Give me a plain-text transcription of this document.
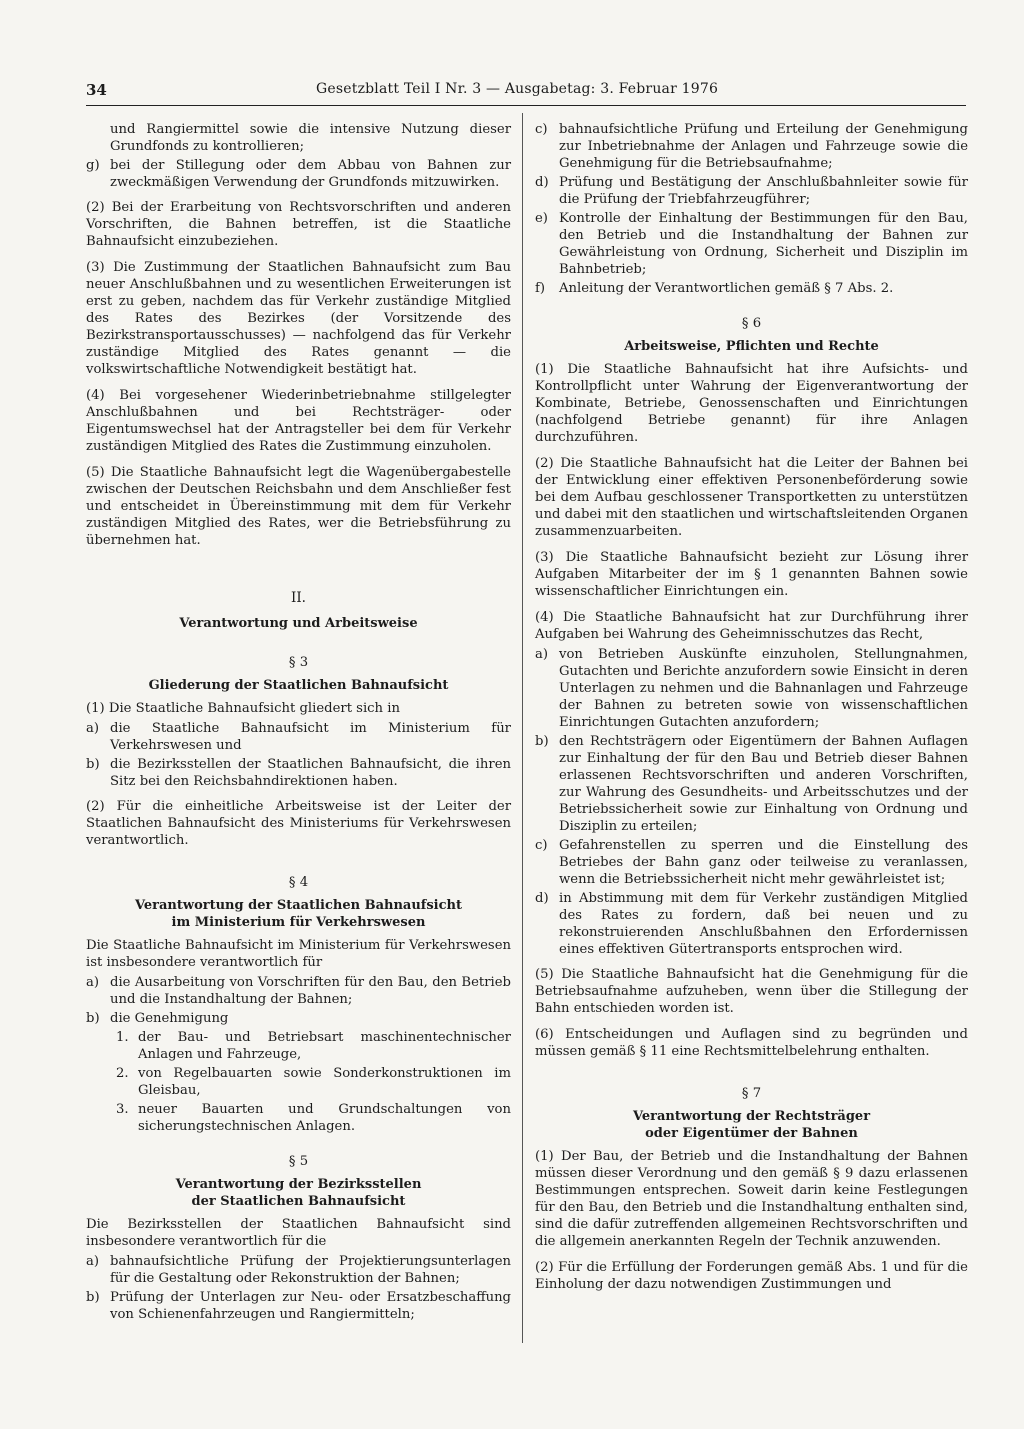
34	Gesetzblatt Teil I Nr. 3 — Ausgabetag: 3. Februar 1976

und Rangiermittel sowie die intensive Nutzung dieser Grundfonds zu kontrollieren;

g) bei der Stillegung oder dem Abbau von Bahnen zur zweckmäßigen Verwendung der Grundfonds mitzuwirken.

(2) Bei der Erarbeitung von Rechtsvorschriften und anderen Vorschriften, die Bahnen betreffen, ist die Staatliche Bahnaufsicht einzubeziehen.

(3) Die Zustimmung der Staatlichen Bahnaufsicht zum Bau neuer Anschlußbahnen und zu wesentlichen Erweiterungen ist erst zu geben, nachdem das für Verkehr zuständige Mitglied des Rates des Bezirkes (der Vorsitzende des Bezirkstransportausschusses) — nachfolgend das für Verkehr zuständige Mitglied des Rates genannt — die volkswirtschaftliche Notwendigkeit bestätigt hat.

(4) Bei vorgesehener Wiederinbetriebnahme stillgelegter Anschlußbahnen und bei Rechtsträger- oder Eigentumswechsel hat der Antragsteller bei dem für Verkehr zuständigen Mitglied des Rates die Zustimmung einzuholen.

(5) Die Staatliche Bahnaufsicht legt die Wagenübergabestelle zwischen der Deutschen Reichsbahn und dem Anschließer fest und entscheidet in Übereinstimmung mit dem für Verkehr zuständigen Mitglied des Rates, wer die Betriebsführung zu übernehmen hat.

II.

Verantwortung und Arbeitsweise

§ 3

Gliederung der Staatlichen Bahnaufsicht

(1) Die Staatliche Bahnaufsicht gliedert sich in

a) die Staatliche Bahnaufsicht im Ministerium für Verkehrswesen und

b) die Bezirksstellen der Staatlichen Bahnaufsicht, die ihren Sitz bei den Reichsbahndirektionen haben.

(2) Für die einheitliche Arbeitsweise ist der Leiter der Staatlichen Bahnaufsicht des Ministeriums für Verkehrswesen verantwortlich.

§ 4

Verantwortung der Staatlichen Bahnaufsicht

im Ministerium für Verkehrswesen

Die Staatliche Bahnaufsicht im Ministerium für Verkehrswesen ist insbesondere verantwortlich für

a) die Ausarbeitung von Vorschriften für den Bau, den Betrieb und die Instandhaltung der Bahnen;

b) die Genehmigung

1. der Bau- und Betriebsart maschinentechnischer Anlagen und Fahrzeuge,

2. von Regelbauarten sowie Sonderkonstruktionen im Gleisbau,

3. neuer Bauarten und Grundschaltungen von sicherungstechnischen Anlagen.

§ 5

Verantwortung der Bezirksstellen

der Staatlichen Bahnaufsicht

Die Bezirksstellen der Staatlichen Bahnaufsicht sind insbesondere verantwortlich für die

a) bahnaufsichtliche Prüfung der Projektierungsunterlagen für die Gestaltung oder Rekonstruktion der Bahnen;

b) Prüfung der Unterlagen zur Neu- oder Ersatzbeschaffung von Schienenfahrzeugen und Rangiermitteln;

c) bahnaufsichtliche Prüfung und Erteilung der Genehmigung zur Inbetriebnahme der Anlagen und Fahrzeuge sowie die Genehmigung für die Betriebsaufnahme;

d) Prüfung und Bestätigung der Anschlußbahnleiter sowie für die Prüfung der Triebfahrzeugführer;

e) Kontrolle der Einhaltung der Bestimmungen für den Bau, den Betrieb und die Instandhaltung der Bahnen zur Gewährleistung von Ordnung, Sicherheit und Disziplin im Bahnbetrieb;

f) Anleitung der Verantwortlichen gemäß § 7 Abs. 2.

§ 6

Arbeitsweise, Pflichten und Rechte

(1) Die Staatliche Bahnaufsicht hat ihre Aufsichts- und Kontrollpflicht unter Wahrung der Eigenverantwortung der Kombinate, Betriebe, Genossenschaften und Einrichtungen (nachfolgend Betriebe genannt) für ihre Anlagen durchzuführen.

(2) Die Staatliche Bahnaufsicht hat die Leiter der Bahnen bei der Entwicklung einer effektiven Personenbeförderung sowie bei dem Aufbau geschlossener Transportketten zu unterstützen und dabei mit den staatlichen und wirtschaftsleitenden Organen zusammenzuarbeiten.

(3) Die Staatliche Bahnaufsicht bezieht zur Lösung ihrer Aufgaben Mitarbeiter der im § 1 genannten Bahnen sowie wissenschaftlicher Einrichtungen ein.

(4) Die Staatliche Bahnaufsicht hat zur Durchführung ihrer Aufgaben bei Wahrung des Geheimnisschutzes das Recht,

a) von Betrieben Auskünfte einzuholen, Stellungnahmen, Gutachten und Berichte anzufordern sowie Einsicht in deren Unterlagen zu nehmen und die Bahnanlagen und Fahrzeuge der Bahnen zu betreten sowie von wissenschaftlichen Einrichtungen Gutachten anzufordern;

b) den Rechtsträgern oder Eigentümern der Bahnen Auflagen zur Einhaltung der für den Bau und Betrieb dieser Bahnen erlassenen Rechtsvorschriften und anderen Vorschriften, zur Wahrung des Gesundheits- und Arbeitsschutzes und der Betriebssicherheit sowie zur Einhaltung von Ordnung und Disziplin zu erteilen;

c) Gefahrenstellen zu sperren und die Einstellung des Betriebes der Bahn ganz oder teilweise zu veranlassen, wenn die Betriebssicherheit nicht mehr gewährleistet ist;

d) in Abstimmung mit dem für Verkehr zuständigen Mitglied des Rates zu fordern, daß bei neuen und zu rekonstruierenden Anschlußbahnen den Erfordernissen eines effektiven Gütertransports entsprochen wird.

(5) Die Staatliche Bahnaufsicht hat die Genehmigung für die Betriebsaufnahme aufzuheben, wenn über die Stillegung der Bahn entschieden worden ist.

(6) Entscheidungen und Auflagen sind zu begründen und müssen gemäß § 11 eine Rechtsmittelbelehrung enthalten.

§ 7

Verantwortung der Rechtsträger

oder Eigentümer der Bahnen

(1) Der Bau, der Betrieb und die Instandhaltung der Bahnen müssen dieser Verordnung und den gemäß § 9 dazu erlassenen Bestimmungen entsprechen. Soweit darin keine Festlegungen für den Bau, den Betrieb und die Instandhaltung enthalten sind, sind die dafür zutreffenden allgemeinen Rechtsvorschriften und die allgemein anerkannten Regeln der Technik anzuwenden.

(2) Für die Erfüllung der Forderungen gemäß Abs. 1 und für die Einholung der dazu notwendigen Zustimmungen und
